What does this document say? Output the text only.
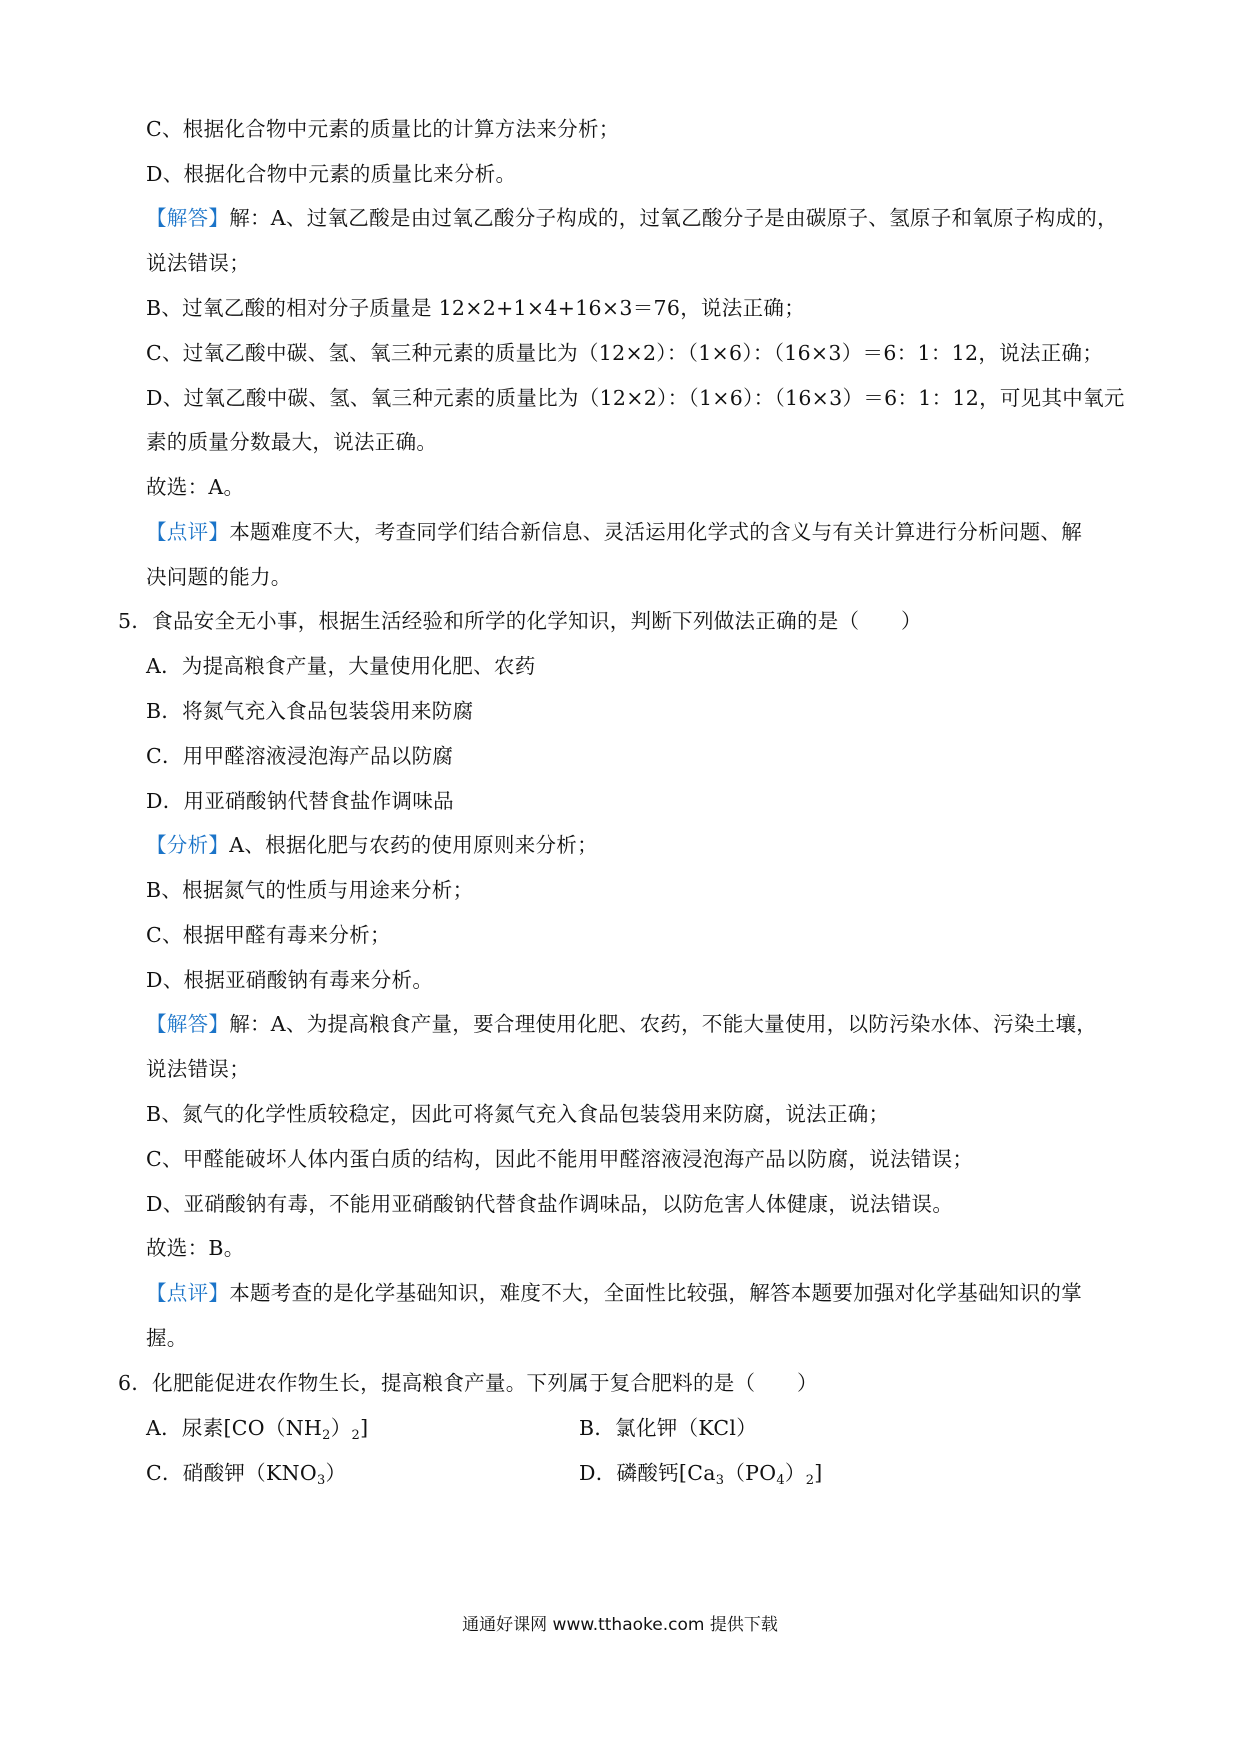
C、根据化合物中元素的质量比的计算方法来分析；
D、根据化合物中元素的质量比来分析。
【解答】解：A、过氧乙酸是由过氧乙酸分子构成的，过氧乙酸分子是由碳原子、氢原子和氧原子构成的，
说法错误；
B、过氧乙酸的相对分子质量是 12×2+1×4+16×3＝76，说法正确；
C、过氧乙酸中碳、氢、氧三种元素的质量比为（12×2）：（1×6）：（16×3）＝6：1：12，说法正确；
D、过氧乙酸中碳、氢、氧三种元素的质量比为（12×2）：（1×6）：（16×3）＝6：1：12，可见其中氧元
素的质量分数最大，说法正确。
故选：A。
【点评】本题难度不大，考查同学们结合新信息、灵活运用化学式的含义与有关计算进行分析问题、解
决问题的能力。
5．食品安全无小事，根据生活经验和所学的化学知识，判断下列做法正确的是（　　）
A．为提高粮食产量，大量使用化肥、农药
B．将氮气充入食品包装袋用来防腐
C．用甲醛溶液浸泡海产品以防腐
D．用亚硝酸钠代替食盐作调味品
【分析】A、根据化肥与农药的使用原则来分析；
B、根据氮气的性质与用途来分析；
C、根据甲醛有毒来分析；
D、根据亚硝酸钠有毒来分析。
【解答】解：A、为提高粮食产量，要合理使用化肥、农药，不能大量使用，以防污染水体、污染土壤，
说法错误；
B、氮气的化学性质较稳定，因此可将氮气充入食品包装袋用来防腐，说法正确；
C、甲醛能破坏人体内蛋白质的结构，因此不能用甲醛溶液浸泡海产品以防腐，说法错误；
D、亚硝酸钠有毒，不能用亚硝酸钠代替食盐作调味品，以防危害人体健康，说法错误。
故选：B。
【点评】本题考查的是化学基础知识，难度不大，全面性比较强，解答本题要加强对化学基础知识的掌
握。
6．化肥能促进农作物生长，提高粮食产量。下列属于复合肥料的是（　　）
A．尿素$[CO(NH_2)_2]$	B．氯化钾（KCl）
C．硝酸钾$(KNO_3)$	D．磷酸钙$[Ca_3(PO_4)_2]$
通通好课网 www.tthaoke.com 提供下载
